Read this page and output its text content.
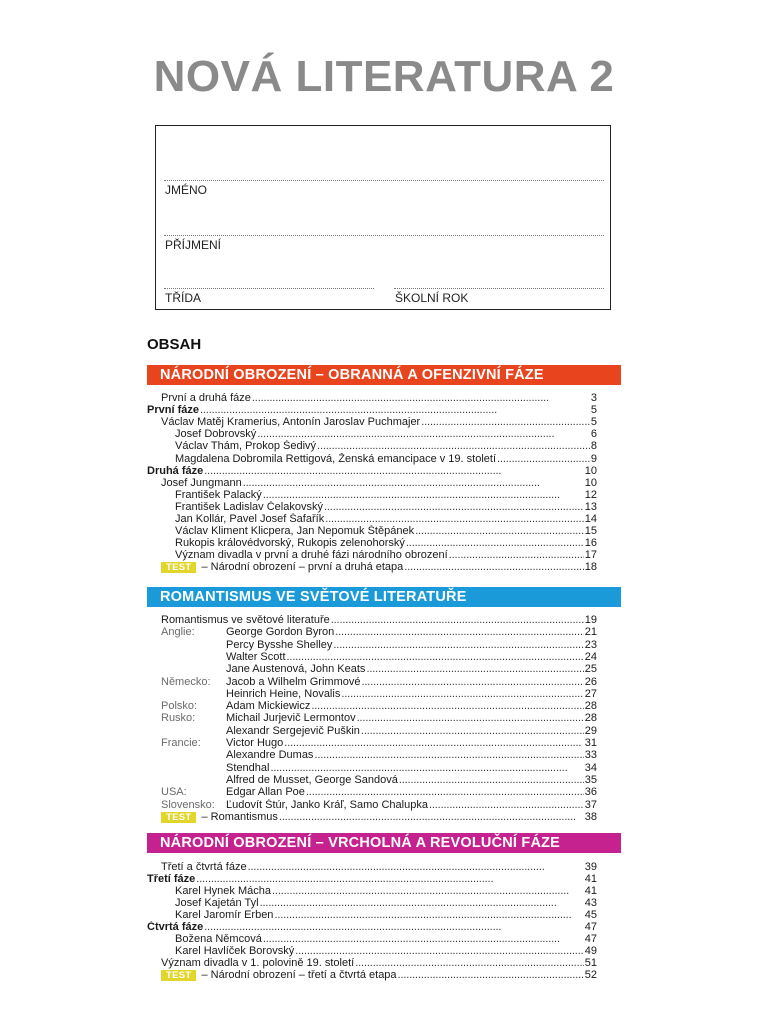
NOVÁ LITERATURA 2
JMÉNO
PŘÍJMENÍ
TŘÍDA	ŠKOLNÍ ROK
OBSAH
NÁRODNÍ OBROZENÍ – OBRANNÁ A OFENZIVNÍ FÁZE
První a druhá fáze . . .	3
První fáze . . .	5
Václav Matěj Kramerius, Antonín Jaroslav Puchmajer . . .	5
Josef Dobrovský . . .	6
Václav Thám, Prokop Šedivý . . .	8
Magdalena Dobromila Rettigová, Ženská emancipace v 19. století . . .	9
Druhá fáze . . .	10
Josef Jungmann . . .	10
František Palacký . . .	12
František Ladislav Čelakovský . . .	13
Jan Kollár, Pavel Josef Šafařík . . .	14
Václav Kliment Klicpera, Jan Nepomuk Štěpánek . . .	15
Rukopis královédvorský, Rukopis zelenohorský . . .	16
Význam divadla v první a druhé fázi národního obrození . . .	17
TEST – Národní obrození – první a druhá etapa . . .	18
ROMANTISMUS VE SVĚTOVÉ LITERATUŘE
Romantismus ve světové literatuře . . .	19
Anglie:	George Gordon Byron . . .	21
Percy Bysshe Shelley . . .	23
Walter Scott . . .	24
Jane Austenová, John Keats . . .	25
Německo: Jacob a Wilhelm Grimmové . . .	26
Heinrich Heine, Novalis . . .	27
Polsko:	Adam Mickiewicz . . .	28
Rusko:	Michail Jurjevič Lermontov . . .	28
Alexandr Sergejevič Puškin . . .	29
Francie: Victor Hugo . . .	31
Alexandre Dumas . . .	33
Stendhal . . .	34
Alfred de Musset, George Sandová . . .	35
USA:	Edgar Allan Poe . . .	36
Slovensko: Ľudovít Štúr, Janko Kráľ, Samo Chalupka . . .	37
TEST – Romantismus . . .	38
NÁRODNÍ OBROZENÍ – VRCHOLNÁ A REVOLUČNÍ FÁZE
Třetí a čtvrtá fáze . . .	39
Třetí fáze . . .	41
Karel Hynek Mácha . . .	41
Josef Kajetán Tyl . . .	43
Karel Jaromír Erben . . .	45
Čtvrtá fáze . . .	47
Božena Němcová . . .	47
Karel Havlíček Borovský . . .	49
Význam divadla v 1. polovině 19. století . . .	51
TEST – Národní obrození – třetí a čtvrtá etapa . . .	52
